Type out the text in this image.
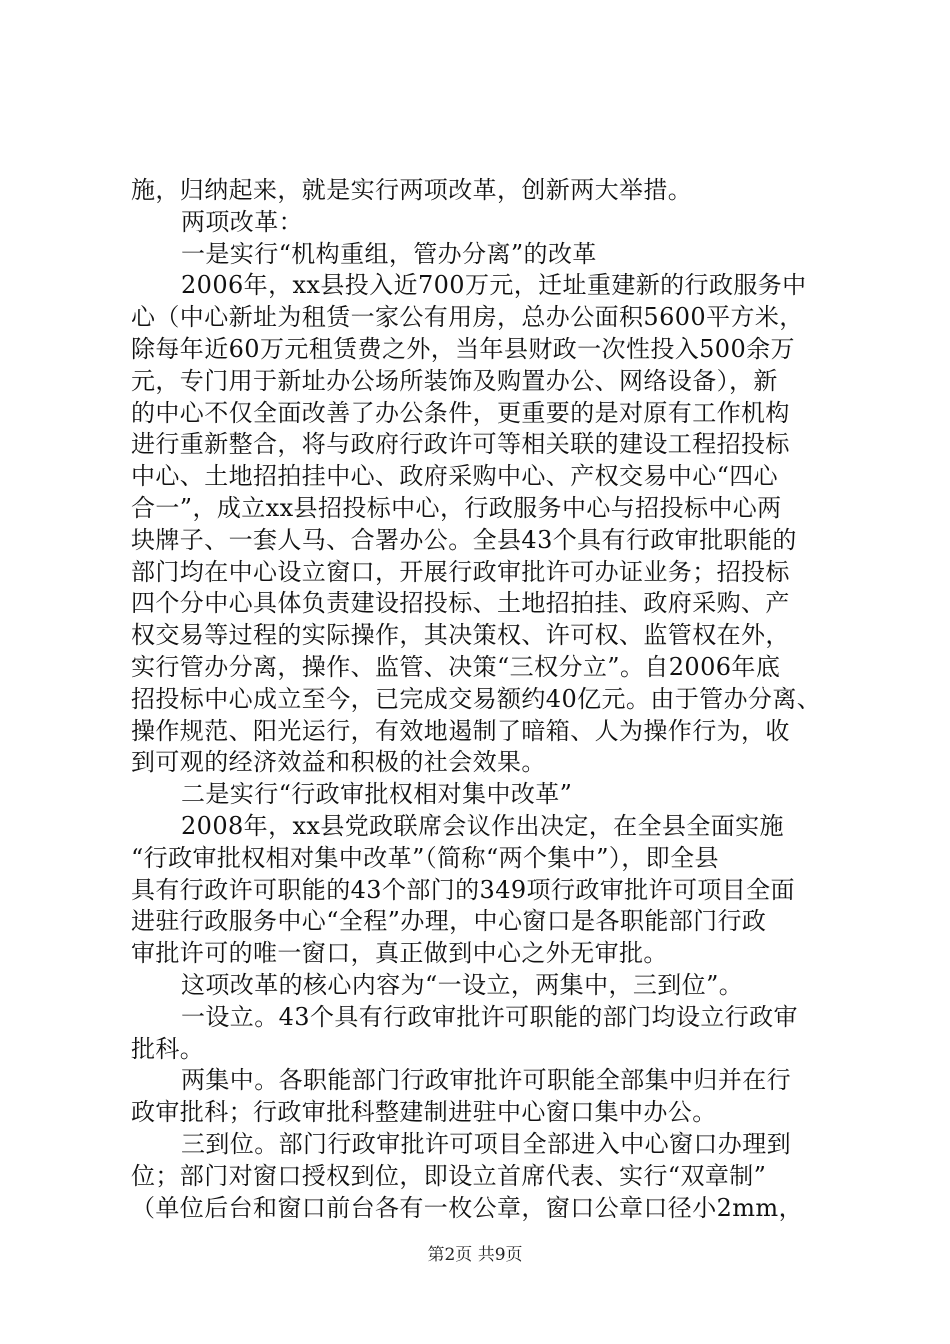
施，归纳起来，就是实行两项改革，创新两大举措。
两项改革：
一是实行“机构重组，管办分离”的改革
2006年，xx县投入近700万元，迁址重建新的行政服务中
心（中心新址为租赁一家公有用房，总办公面积5600平方米，
除每年近60万元租赁费之外，当年县财政一次性投入500余万
元，专门用于新址办公场所装饰及购置办公、网络设备），新
的中心不仅全面改善了办公条件，更重要的是对原有工作机构
进行重新整合，将与政府行政许可等相关联的建设工程招投标
中心、土地招拍挂中心、政府采购中心、产权交易中心“四心
合一”，成立xx县招投标中心，行政服务中心与招投标中心两
块牌子、一套人马、合署办公。全县43个具有行政审批职能的
部门均在中心设立窗口，开展行政审批许可办证业务；招投标
四个分中心具体负责建设招投标、土地招拍挂、政府采购、产
权交易等过程的实际操作，其决策权、许可权、监管权在外，
实行管办分离，操作、监管、决策“三权分立”。自2006年底
招投标中心成立至今，已完成交易额约40亿元。由于管办分离、
操作规范、阳光运行，有效地遏制了暗箱、人为操作行为，收
到可观的经济效益和积极的社会效果。
二是实行“行政审批权相对集中改革”
2008年，xx县党政联席会议作出决定，在全县全面实施
“行政审批权相对集中改革”（简称“两个集中”），即全县
具有行政许可职能的43个部门的349项行政审批许可项目全面
进驻行政服务中心“全程”办理，中心窗口是各职能部门行政
审批许可的唯一窗口，真正做到中心之外无审批。
这项改革的核心内容为“一设立，两集中，三到位”。
一设立。43个具有行政审批许可职能的部门均设立行政审
批科。
两集中。各职能部门行政审批许可职能全部集中归并在行
政审批科；行政审批科整建制进驻中心窗口集中办公。
三到位。部门行政审批许可项目全部进入中心窗口办理到
位；部门对窗口授权到位，即设立首席代表、实行“双章制”
（单位后台和窗口前台各有一枚公章，窗口公章口径小2mm，
第2页 共9页
